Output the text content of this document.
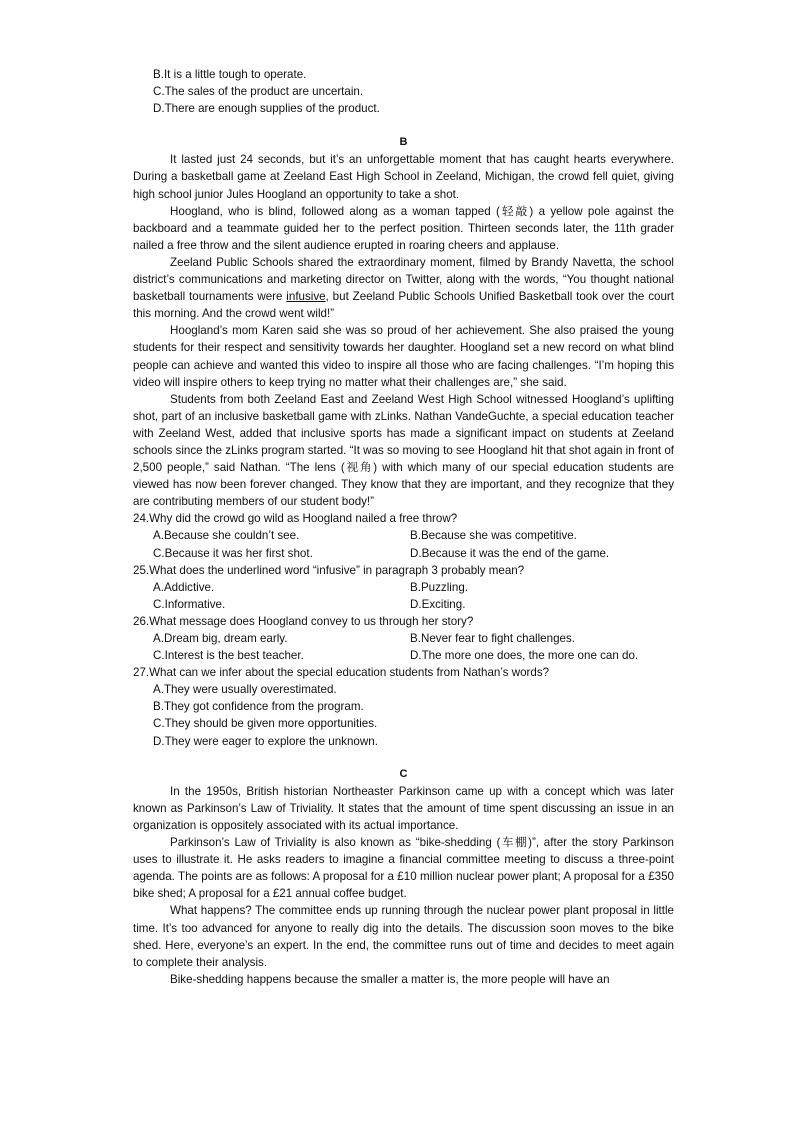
B.It is a little tough to operate.
C.The sales of the product are uncertain.
D.There are enough supplies of the product.
B

It lasted just 24 seconds, but it’s an unforgettable moment that has caught hearts everywhere. During a basketball game at Zeeland East High School in Zeeland, Michigan, the crowd fell quiet, giving high school junior Jules Hoogland an opportunity to take a shot.

Hoogland, who is blind, followed along as a woman tapped (轻敲) a yellow pole against the backboard and a teammate guided her to the perfect position. Thirteen seconds later, the 11th grader nailed a free throw and the silent audience erupted in roaring cheers and applause.

Zeeland Public Schools shared the extraordinary moment, filmed by Brandy Navetta, the school district’s communications and marketing director on Twitter, along with the words, “You thought national basketball tournaments were infusive, but Zeeland Public Schools Unified Basketball took over the court this morning. And the crowd went wild!”

Hoogland’s mom Karen said she was so proud of her achievement. She also praised the young students for their respect and sensitivity towards her daughter. Hoogland set a new record on what blind people can achieve and wanted this video to inspire all those who are facing challenges. “I’m hoping this video will inspire others to keep trying no matter what their challenges are,” she said.

Students from both Zeeland East and Zeeland West High School witnessed Hoogland’s uplifting shot, part of an inclusive basketball game with zLinks. Nathan VandeGuchte, a special education teacher with Zeeland West, added that inclusive sports has made a significant impact on students at Zeeland schools since the zLinks program started. “It was so moving to see Hoogland hit that shot again in front of 2,500 people,” said Nathan. “The lens (视角) with which many of our special education students are viewed has now been forever changed. They know that they are important, and they recognize that they are contributing members of our student body!”

24.Why did the crowd go wild as Hoogland nailed a free throw?
A.Because she couldn’t see.	B.Because she was competitive.
C.Because it was her first shot.	D.Because it was the end of the game.
25.What does the underlined word “infusive” in paragraph 3 probably mean?
A.Addictive.	B.Puzzling.
C.Informative.	D.Exciting.
26.What message does Hoogland convey to us through her story?
A.Dream big, dream early.	B.Never fear to fight challenges.
C.Interest is the best teacher.	D.The more one does, the more one can do.
27.What can we infer about the special education students from Nathan’s words?
A.They were usually overestimated.
B.They got confidence from the program.
C.They should be given more opportunities.
D.They were eager to explore the unknown.
C

In the 1950s, British historian Northeaster Parkinson came up with a concept which was later known as Parkinson’s Law of Triviality. It states that the amount of time spent discussing an issue in an organization is oppositely associated with its actual importance.

Parkinson’s Law of Triviality is also known as “bike-shedding (车棚)”, after the story Parkinson uses to illustrate it. He asks readers to imagine a financial committee meeting to discuss a three-point agenda. The points are as follows: A proposal for a £10 million nuclear power plant; A proposal for a £350 bike shed; A proposal for a £21 annual coffee budget.

What happens? The committee ends up running through the nuclear power plant proposal in little time. It’s too advanced for anyone to really dig into the details. The discussion soon moves to the bike shed. Here, everyone’s an expert. In the end, the committee runs out of time and decides to meet again to complete their analysis.

Bike-shedding happens because the smaller a matter is, the more people will have an
